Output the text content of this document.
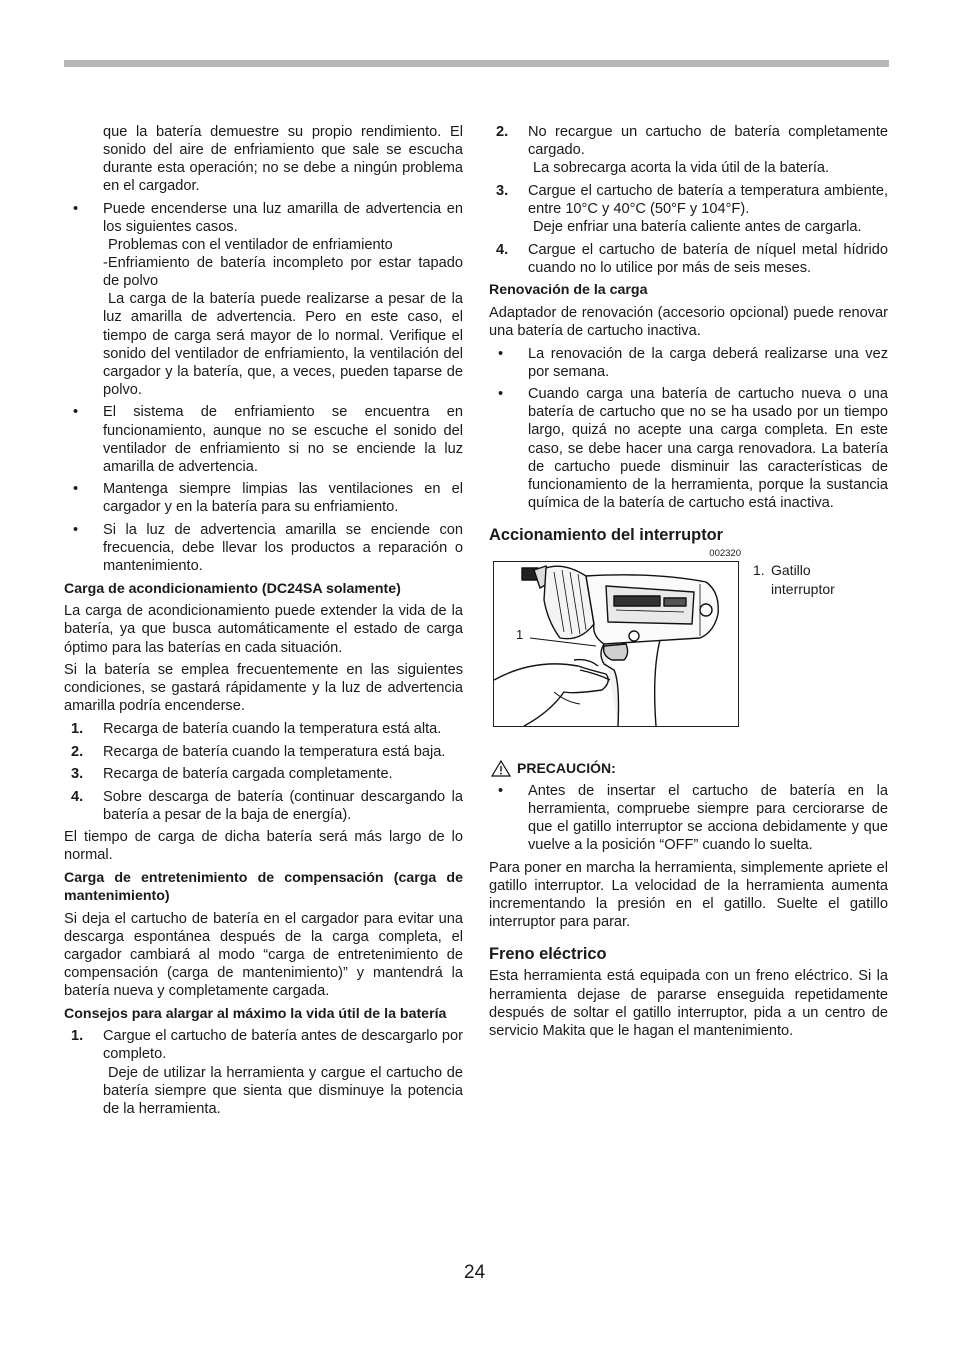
que la batería demuestre su propio rendimiento. El sonido del aire de enfriamiento que sale se escucha durante esta operación; no se debe a ningún problema en el cargador.

•	Puede encenderse una luz amarilla de advertencia en los siguientes casos.
Problemas con el ventilador de enfriamiento
-Enfriamiento de batería incompleto por estar tapado de polvo
La carga de la batería puede realizarse a pesar de la luz amarilla de advertencia. Pero en este caso, el tiempo de carga será mayor de lo normal. Verifique el sonido del ventilador de enfriamiento, la ventilación del cargador y la batería, que, a veces, pueden taparse de polvo.
•	El sistema de enfriamiento se encuentra en funcionamiento, aunque no se escuche el sonido del ventilador de enfriamiento si no se enciende la luz amarilla de advertencia.
•	Mantenga siempre limpias las ventilaciones en el cargador y en la batería para su enfriamiento.
•	Si la luz de advertencia amarilla se enciende con frecuencia, debe llevar los productos a reparación o mantenimiento.
Carga de acondicionamiento (DC24SA solamente)

La carga de acondicionamiento puede extender la vida de la batería, ya que busca automáticamente el estado de carga óptimo para las baterías en cada situación.

Si la batería se emplea frecuentemente en las siguientes condiciones, se gastará rápidamente y la luz de advertencia amarilla podría encenderse.

1.	Recarga de batería cuando la temperatura está alta.
2.	Recarga de batería cuando la temperatura está baja.
3.	Recarga de batería cargada completamente.
4.	Sobre descarga de batería (continuar descargando la batería a pesar de la baja de energía).

El tiempo de carga de dicha batería será más largo de lo normal.

Carga de entretenimiento de compensación (carga de mantenimiento)

Si deja el cartucho de batería en el cargador para evitar una descarga espontánea después de la carga completa, el cargador cambiará al modo “carga de entretenimiento de compensación (carga de mantenimiento)” y mantendrá la batería nueva y completamente cargada.

Consejos para alargar al máximo la vida útil de la batería
1.	Cargue el cartucho de batería antes de descargarlo por completo.
Deje de utilizar la herramienta y cargue el cartucho de batería siempre que sienta que disminuye la potencia de la herramienta.
2.	No recargue un cartucho de batería completamente cargado.
La sobrecarga acorta la vida útil de la batería.
3.	Cargue el cartucho de batería a temperatura ambiente, entre 10°C y 40°C (50°F y 104°F).
Deje enfriar una batería caliente antes de cargarla.
4.	Cargue el cartucho de batería de níquel metal hídrido cuando no lo utilice por más de seis meses.
Renovación de la carga

Adaptador de renovación (accesorio opcional) puede renovar una batería de cartucho inactiva.

•	La renovación de la carga deberá realizarse una vez por semana.
•	Cuando carga una batería de cartucho nueva o una batería de cartucho que no se ha usado por un tiempo largo, quizá no acepte una carga completa. En este caso, se debe hacer una carga renovadora. La batería de cartucho puede disminuir las características de funcionamiento de la herramienta, porque la sustancia química de la batería de cartucho está inactiva.
Accionamiento del interruptor
002320
1
1. Gatillo
interruptor
PRECAUCIÓN:
•	Antes de insertar el cartucho de batería en la herramienta, compruebe siempre para cerciorarse de que el gatillo interruptor se acciona debidamente y que vuelve a la posición “OFF” cuando lo suelta.

Para poner en marcha la herramienta, simplemente apriete el gatillo interruptor. La velocidad de la herramienta aumenta incrementando la presión en el gatillo. Suelte el gatillo interruptor para parar.

Freno eléctrico

Esta herramienta está equipada con un freno eléctrico. Si la herramienta dejase de pararse enseguida repetidamente después de soltar el gatillo interruptor, pida a un centro de servicio Makita que le hagan el mantenimiento.

24
